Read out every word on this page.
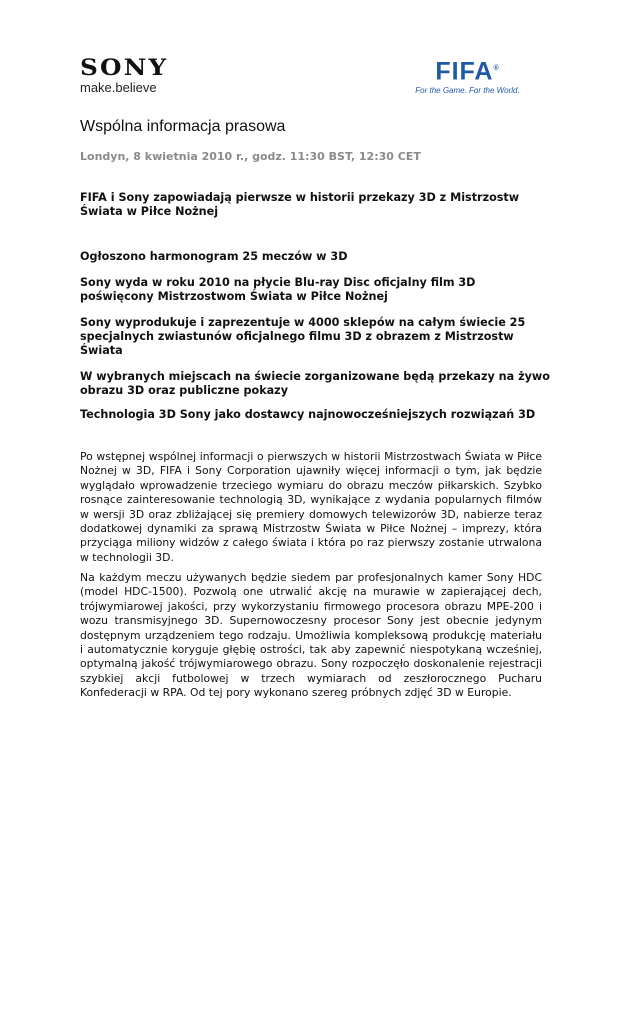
SONY
make.believe
FIFA®
For the Game. For the World.
Wspólna informacja prasowa
Londyn, 8 kwietnia 2010 r., godz. 11:30 BST, 12:30 CET
FIFA i Sony zapowiadają pierwsze w historii przekazy 3D z Mistrzostw Świata w Piłce Nożnej
Ogłoszono harmonogram 25 meczów w 3D
Sony wyda w roku 2010 na płycie Blu-ray Disc oficjalny film 3D poświęcony Mistrzostwom Świata w Piłce Nożnej
Sony wyprodukuje i zaprezentuje w 4000 sklepów na całym świecie 25 specjalnych zwiastunów oficjalnego filmu 3D z obrazem z Mistrzostw Świata
W wybranych miejscach na świecie zorganizowane będą przekazy na żywo obrazu 3D oraz publiczne pokazy
Technologia 3D Sony jako dostawcy najnowocześniejszych rozwiązań 3D
Po wstępnej wspólnej informacji o pierwszych w historii Mistrzostwach Świata w Piłce Nożnej w 3D, FIFA i Sony Corporation ujawniły więcej informacji o tym, jak będzie wyglądało wprowadzenie trzeciego wymiaru do obrazu meczów piłkarskich. Szybko rosnące zainteresowanie technologią 3D, wynikające z wydania popularnych filmów w wersji 3D oraz zbliżającej się premiery domowych telewizorów 3D, nabierze teraz dodatkowej dynamiki za sprawą Mistrzostw Świata w Piłce Nożnej – imprezy, która przyciąga miliony widzów z całego świata i która po raz pierwszy zostanie utrwalona w technologii 3D.
Na każdym meczu używanych będzie siedem par profesjonalnych kamer Sony HDC (model HDC-1500). Pozwolą one utrwalić akcję na murawie w zapierającej dech, trójwymiarowej jakości, przy wykorzystaniu firmowego procesora obrazu MPE-200 i wozu transmisyjnego 3D. Supernowoczesny procesor Sony jest obecnie jedynym dostępnym urządzeniem tego rodzaju. Umożliwia kompleksową produkcję materiału i automatycznie koryguje głębię ostrości, tak aby zapewnić niespotykaną wcześniej, optymalną jakość trójwymiarowego obrazu. Sony rozpoczęło doskonalenie rejestracji szybkiej akcji futbolowej w trzech wymiarach od zeszłorocznego Pucharu Konfederacji w RPA. Od tej pory wykonano szereg próbnych zdjęć 3D w Europie.
